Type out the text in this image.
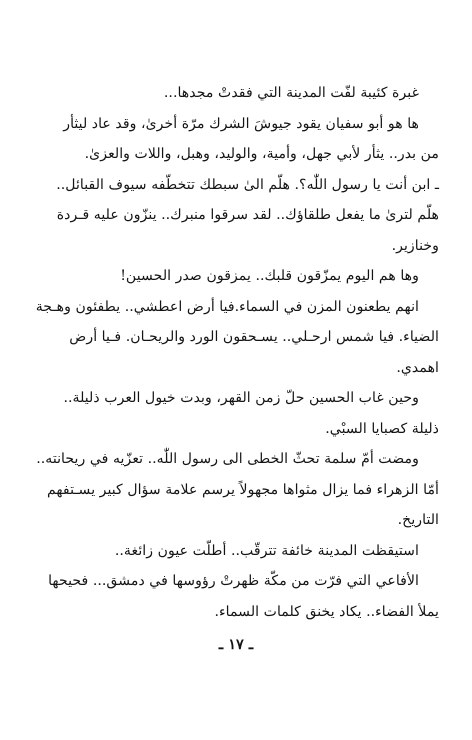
غبرة كئيبة لفّت المدينة التي فقدتْ مجدها...
ها هو أبو سفيان يقود جيوشَ الشرك مرّة أخرىٰ، وقد عاد ليثأر
من بدر.. يثأر لأبي جهل، وأمية، والوليد، وهبل، واللات والعزىٰ.
ـ ابن أنت يا رسول اللّٰه؟. هلّم الىٰ سبطك تتخطّفه سيوف القبائل..
هلّم لترىٰ ما يفعل طلقاؤك.. لقد سرقوا منبرك.. ينزّون عليه قـردة
وخنازير.
وها هم اليوم يمزّقون قلبك.. يمزقون صدر الحسين!
انهم يطعنون المزن في السماء.فيا أرض اعطشي.. يطفئون وهـجة
الضياء. فيا شمس ارحـلي.. يسـحقون الورد والريحـان. فـيا أرض
اهمدي.
وحين غاب الحسين حلّ زمن القهر، وبدت خيول العرب ذليلة..
ذليلة كصبايا السبْي.
ومضت أمّ سلمة تحثّ الخطى الى رسول اللّٰه.. تعزّيه في ريحانته..
أمّا الزهراء فما يزال مثواها مجهولاً يرسم علامة سؤال كبير يسـتفهم
التاريخ.
استيقظت المدينة خائفة تترقّب.. أطلّت عيون زائغة..
الأفاعي التي فرّت من مكّة ظهرتْ رؤوسها في دمشق... فحيحها
يملأ الفضاء.. يكاد يخنق كلمات السماء.
ـ ١٧ ـ
